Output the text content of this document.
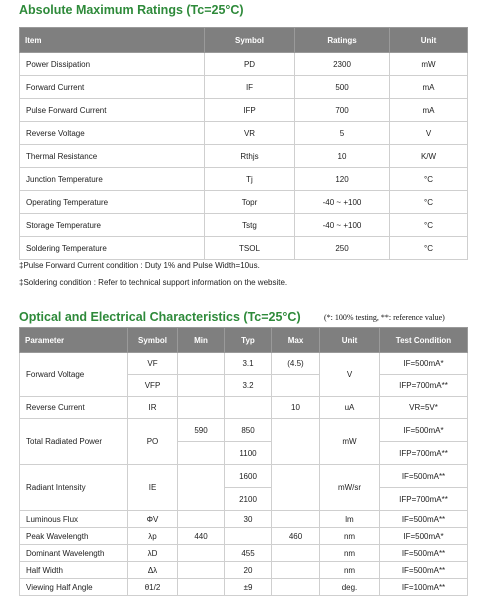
Absolute Maximum Ratings (Tc=25°C)
Item	Symbol	Ratings	Unit
Power Dissipation	PD	2300	mW
Forward Current	IF	500	mA
Pulse Forward Current	IFP	700	mA
Reverse Voltage	VR	5	V
Thermal Resistance	Rthjs	10	K/W
Junction Temperature	Tj	120	°C
Operating Temperature	Topr	-40 ~ +100	°C
Storage Temperature	Tstg	-40 ~ +100	°C
Soldering Temperature	TSOL	250	°C
‡Pulse Forward Current condition : Duty 1% and Pulse Width=10us.
‡Soldering condition : Refer to technical support information on the website.
Optical and Electrical Characteristics (Tc=25°C)	(*: 100% testing, **: reference value)
Parameter	Symbol	Min	Typ	Max	Unit	Test Condition
Forward Voltage	VF		3.1	(4.5)	V	IF=500mA*
	VFP		3.2			IFP=700mA**
Reverse Current	IR			10	uA	VR=5V*
Total Radiated Power	PO	590	850		mW	IF=500mA*
			1100			IFP=700mA**
Radiant Intensity	IE		1600		mW/sr	IF=500mA**
			2100			IFP=700mA**
Luminous Flux	ΦV		30		lm	IF=500mA**
Peak Wavelength	λp	440		460	nm	IF=500mA*
Dominant Wavelength	λD		455		nm	IF=500mA**
Half Width	Δλ		20		nm	IF=500mA**
Viewing Half Angle	θ1/2		±9		deg.	IF=100mA**
